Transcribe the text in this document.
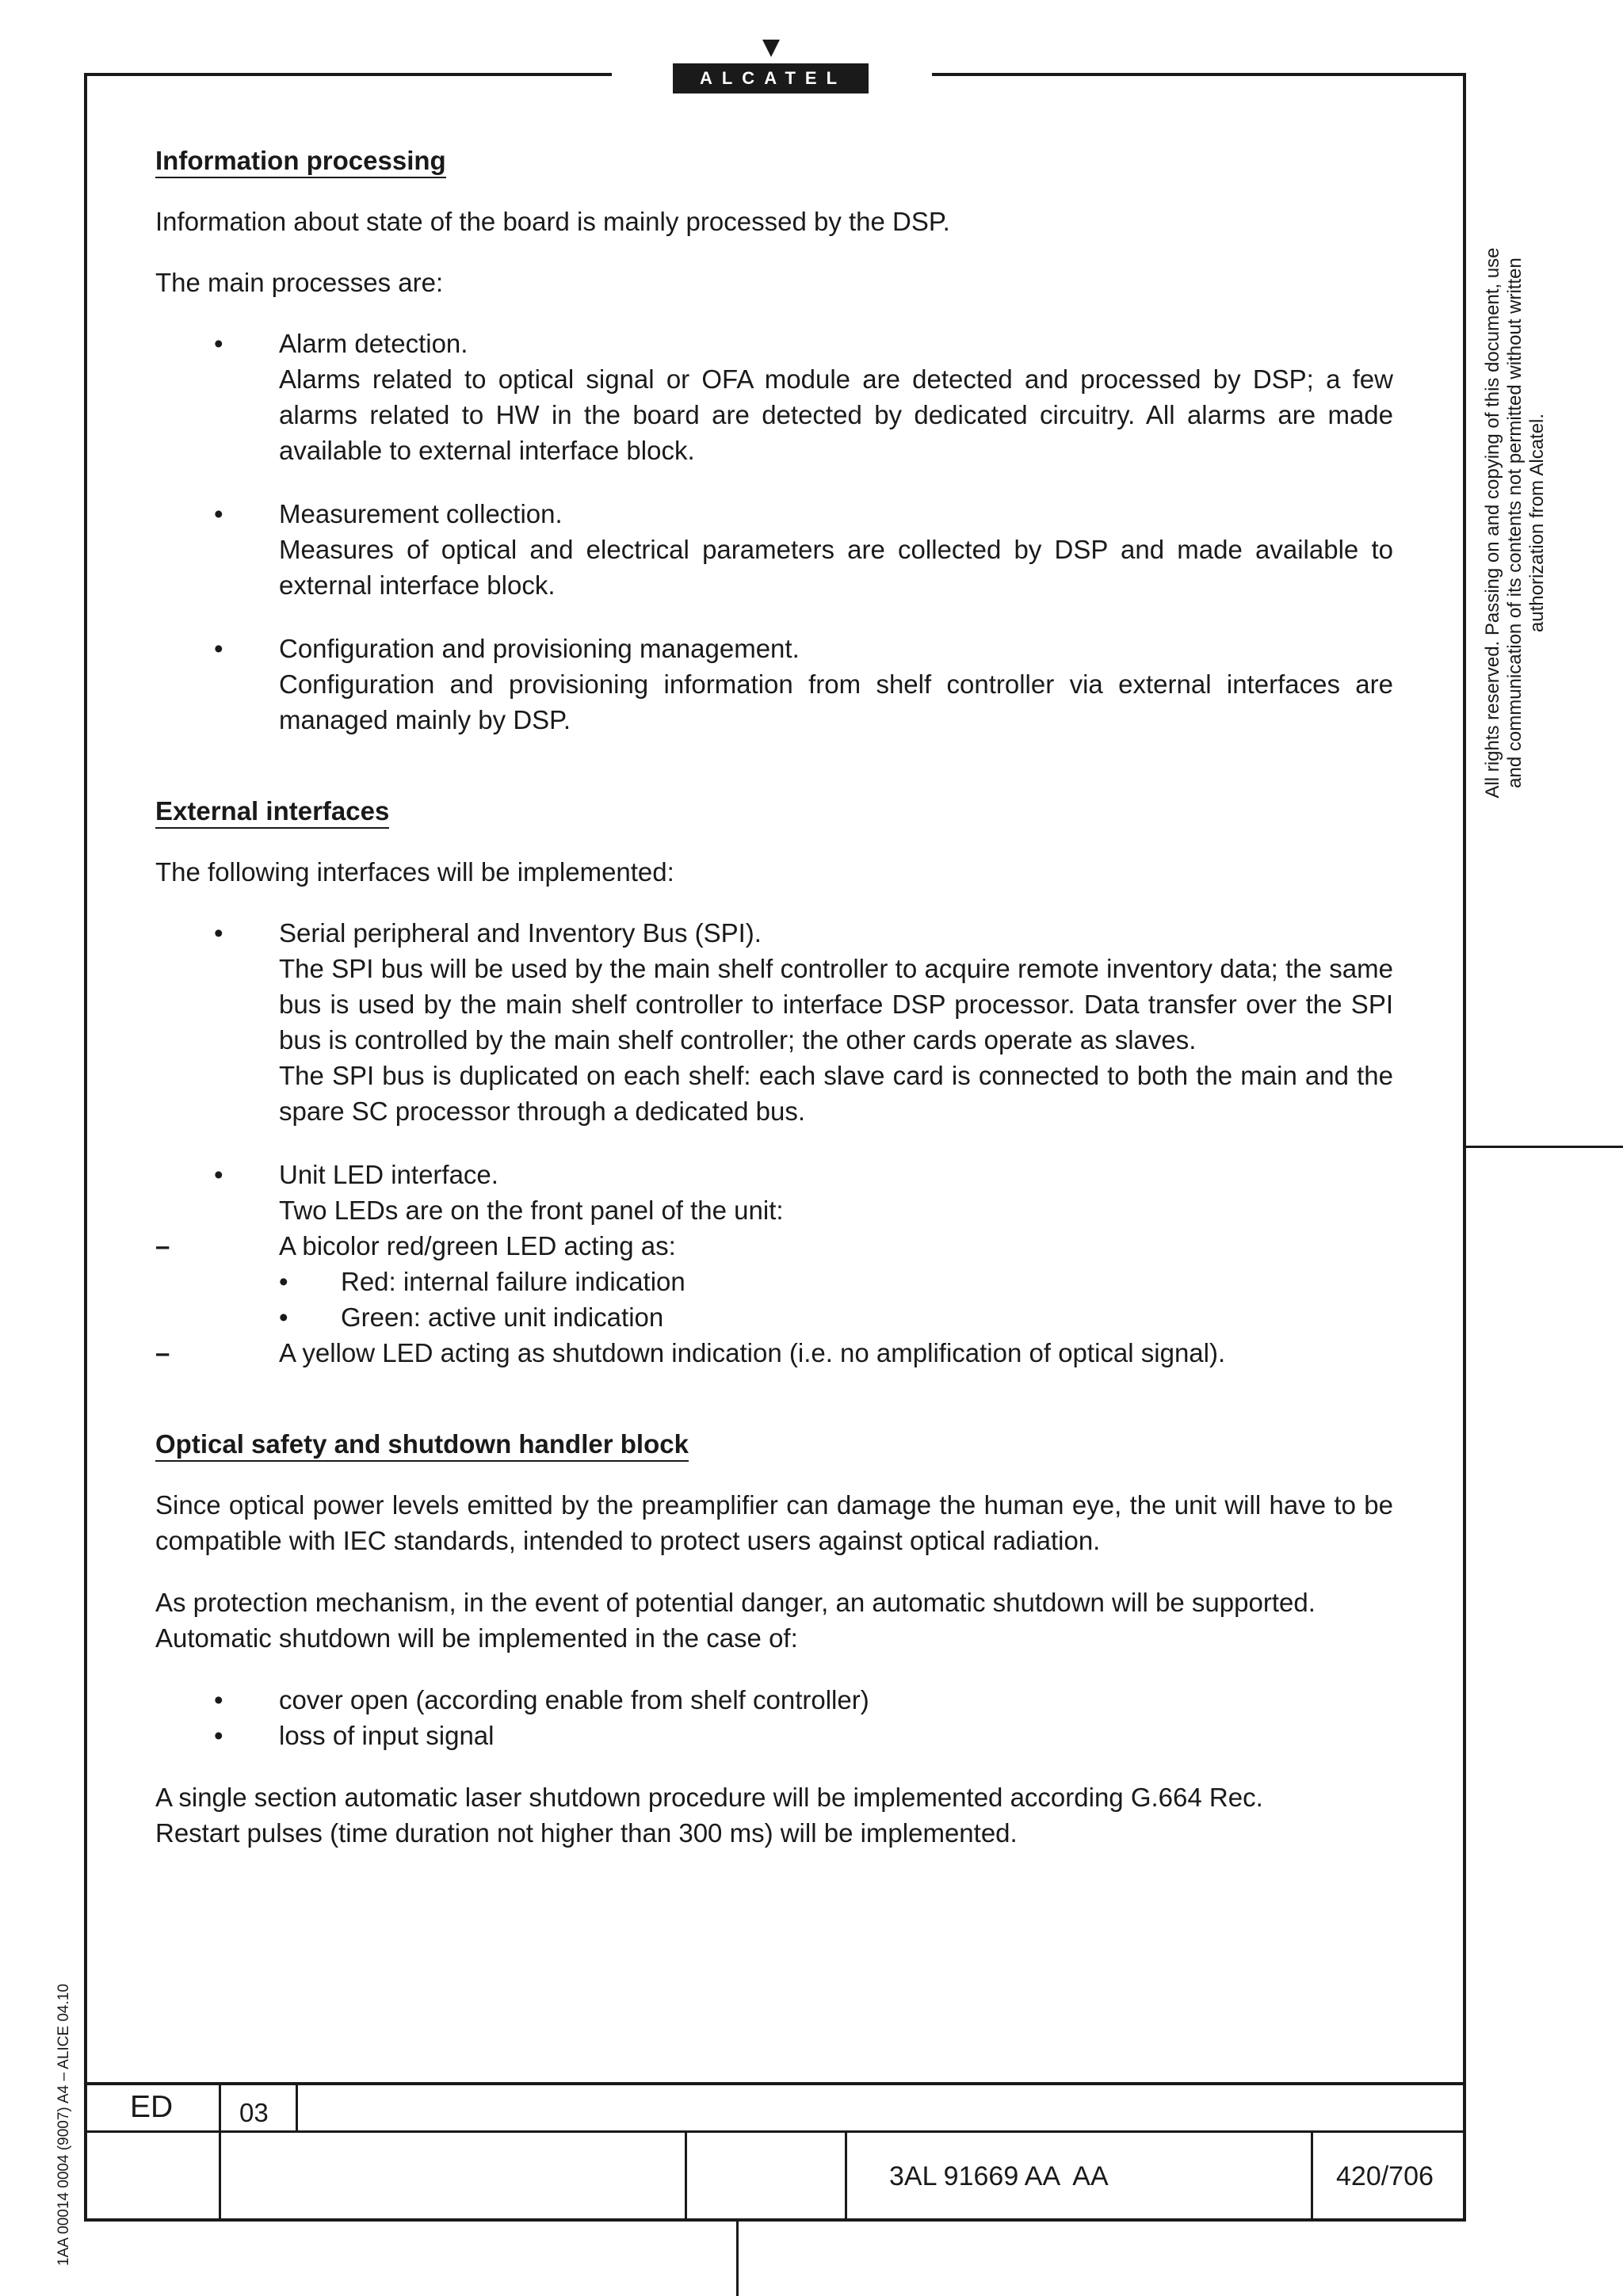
ALCATEL
All rights reserved. Passing on and copying of this document, use and communication of its contents not permitted without written authorization from Alcatel.
1AA 00014 0004 (9007) A4 – ALICE 04.10
Information processing

Information about state of the board is mainly processed by the DSP.

The main processes are:

• Alarm detection.
Alarms related to optical signal or OFA module are detected and processed by DSP; a few alarms related to HW in the board are detected by dedicated circuitry. All alarms are made available to external interface block.
• Measurement collection.
Measures of optical and electrical parameters are collected by DSP and made available to external interface block.
• Configuration and provisioning management.
Configuration and provisioning information from shelf controller via external interfaces are managed mainly by DSP.
External interfaces

The following interfaces will be implemented:

• Serial peripheral and Inventory Bus (SPI).
The SPI bus will be used by the main shelf controller to acquire remote inventory data; the same bus is used by the main shelf controller to interface DSP processor. Data transfer over the SPI bus is controlled by the main shelf controller; the other cards operate as slaves.
The SPI bus is duplicated on each shelf: each slave card is connected to both the main and the spare SC processor through a dedicated bus.
• Unit LED interface.
Two LEDs are on the front panel of the unit:
– A bicolor red/green LED acting as:
• Red: internal failure indication
• Green: active unit indication
– A yellow LED acting as shutdown indication (i.e. no amplification of optical signal).
Optical safety and shutdown handler block

Since optical power levels emitted by the preamplifier can damage the human eye, the unit will have to be compatible with IEC standards, intended to protect users against optical radiation.

As protection mechanism, in the event of potential danger, an automatic shutdown will be supported.
Automatic shutdown will be implemented in the case of:
• cover open (according enable from shelf controller)
• loss of input signal
A single section automatic laser shutdown procedure will be implemented according G.664 Rec.
Restart pulses (time duration not higher than 300 ms) will be implemented.
ED	03
3AL 91669 AA  AA	420/706
